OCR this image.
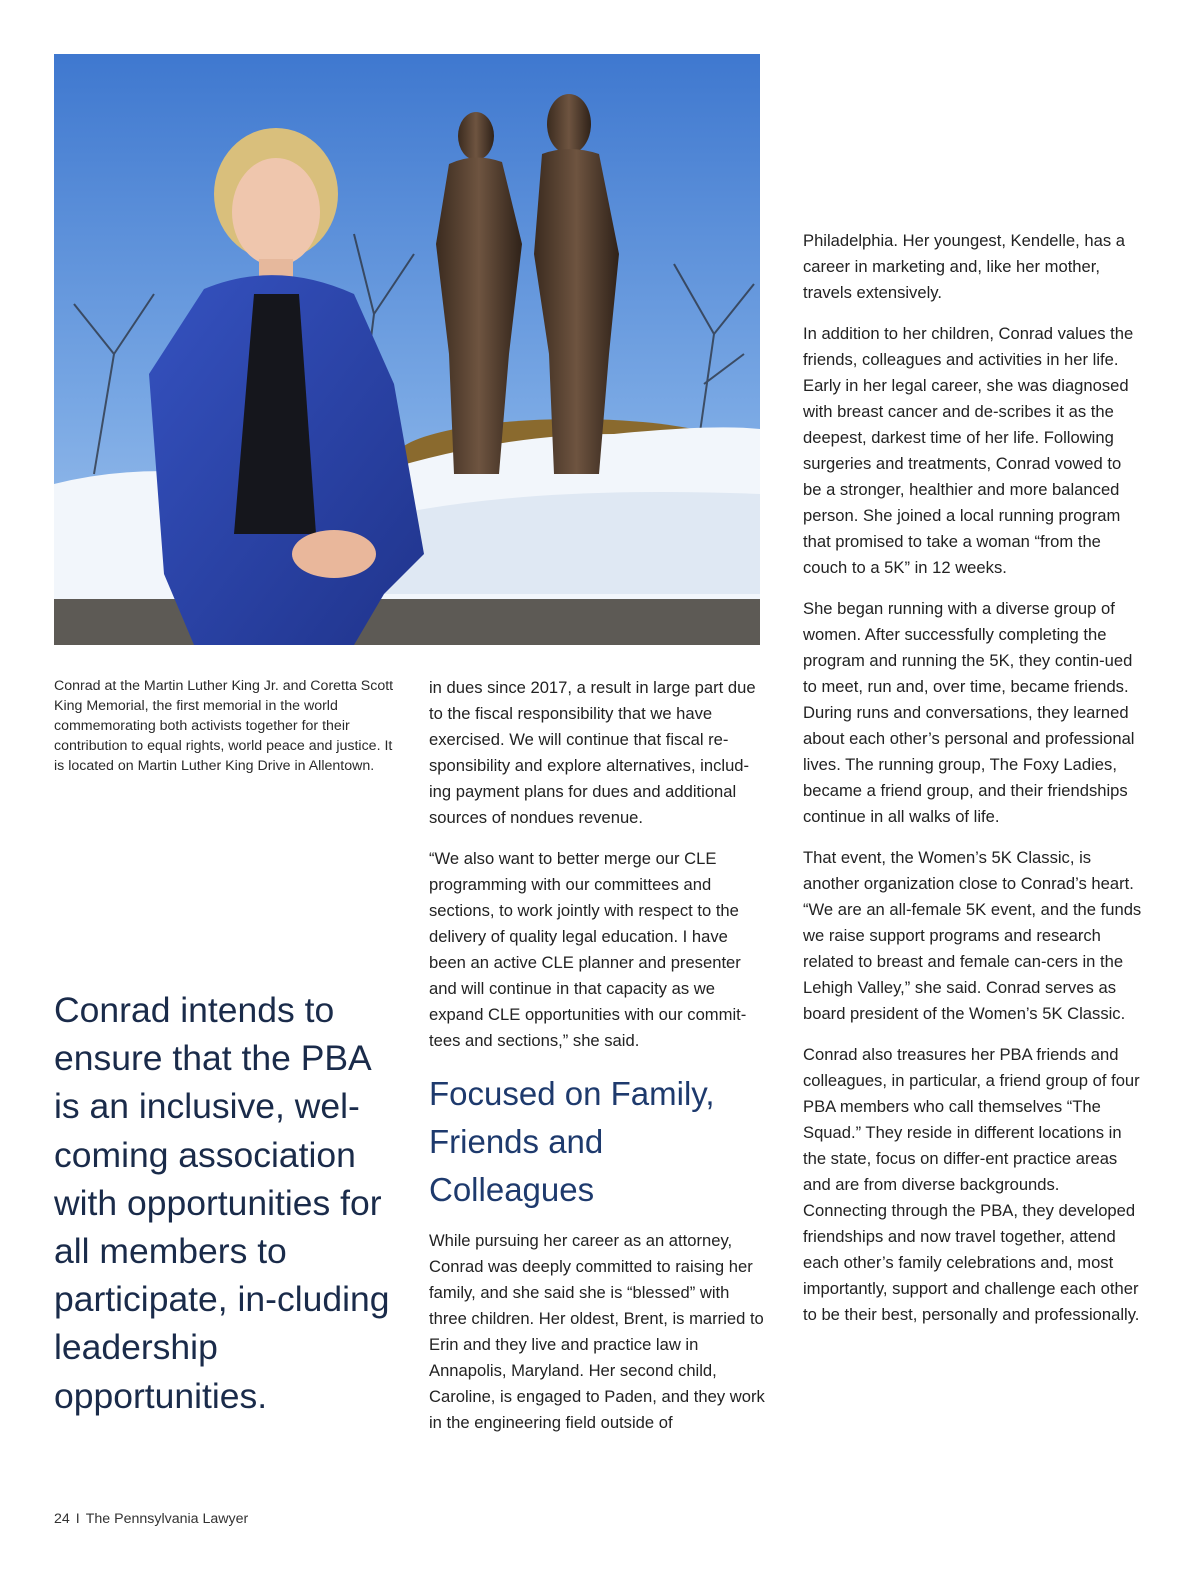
Conrad at the Martin Luther King Jr. and Coretta Scott King Memorial, the first memorial in the world commemorating both activists together for their contribution to equal rights, world peace and justice. It is located on Martin Luther King Drive in Allentown.
Conrad intends to ensure that the PBA is an inclusive, wel-coming association with opportunities for all members to participate, in-cluding leadership opportunities.

in dues since 2017, a result in large part due to the fiscal responsibility that we have exercised. We will continue that fiscal re-sponsibility and explore alternatives, includ-ing payment plans for dues and additional sources of nondues revenue.

“We also want to better merge our CLE programming with our committees and sections, to work jointly with respect to the delivery of quality legal education. I have been an active CLE planner and presenter and will continue in that capacity as we expand CLE opportunities with our commit-tees and sections,” she said.

Focused on Family, Friends and Colleagues

While pursuing her career as an attorney, Conrad was deeply committed to raising her family, and she said she is “blessed” with three children. Her oldest, Brent, is married to Erin and they live and practice law in Annapolis, Maryland. Her second child, Caroline, is engaged to Paden, and they work in the engineering field outside of

Philadelphia. Her youngest, Kendelle, has a career in marketing and, like her mother, travels extensively.

In addition to her children, Conrad values the friends, colleagues and activities in her life. Early in her legal career, she was diagnosed with breast cancer and de-scribes it as the deepest, darkest time of her life. Following surgeries and treatments, Conrad vowed to be a stronger, healthier and more balanced person. She joined a local running program that promised to take a woman “from the couch to a 5K” in 12 weeks.

She began running with a diverse group of women. After successfully completing the program and running the 5K, they contin-ued to meet, run and, over time, became friends. During runs and conversations, they learned about each other’s personal and professional lives. The running group, The Foxy Ladies, became a friend group, and their friendships continue in all walks of life.

That event, the Women’s 5K Classic, is another organization close to Conrad’s heart. “We are an all-female 5K event, and the funds we raise support programs and research related to breast and female can-cers in the Lehigh Valley,” she said. Conrad serves as board president of the Women’s 5K Classic.

Conrad also treasures her PBA friends and colleagues, in particular, a friend group of four PBA members who call themselves “The Squad.” They reside in different locations in the state, focus on differ-ent practice areas and are from diverse backgrounds. Connecting through the PBA, they developed friendships and now travel together, attend each other’s family celebrations and, most importantly, support and challenge each other to be their best, personally and professionally.

24 I The Pennsylvania Lawyer
